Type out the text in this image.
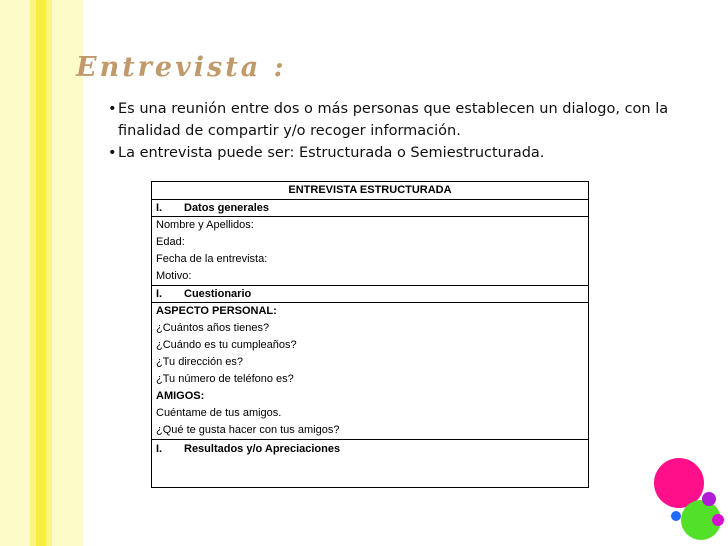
Entrevista :
• Es una reunión entre dos o más personas que establecen un dialogo, con la finalidad de compartir y/o recoger información.
• La entrevista puede ser: Estructurada o Semiestructurada.
ENTREVISTA ESTRUCTURADA
I.	Datos generales
Nombre y Apellidos:
Edad:
Fecha de la entrevista:
Motivo:
I.	Cuestionario
ASPECTO PERSONAL:
¿Cuántos años tienes?
¿Cuándo es tu cumpleaños?
¿Tu dirección es?
¿Tu número de teléfono es?
AMIGOS:
Cuéntame de tus amigos.
¿Qué te gusta hacer con tus amigos?
I.	Resultados y/o Apreciaciones
